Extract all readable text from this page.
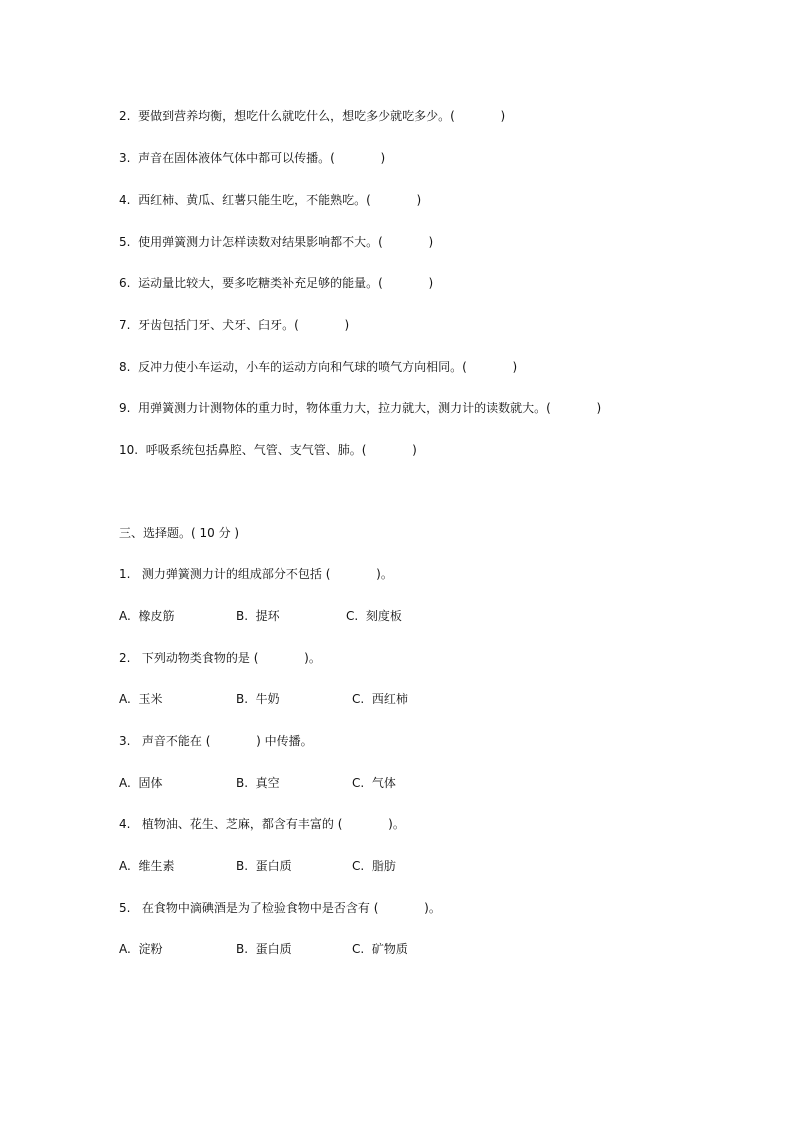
2.  要做到营养均衡，想吃什么就吃什么，想吃多少就吃多少。(            )
3.  声音在固体液体气体中都可以传播。(            )
4.  西红柿、黄瓜、红薯只能生吃，不能熟吃。(            )
5.  使用弹簧测力计怎样读数对结果影响都不大。(            )
6.  运动量比较大，要多吃糖类补充足够的能量。(            )
7.  牙齿包括门牙、犬牙、臼牙。(            )
8.  反冲力使小车运动，小车的运动方向和气球的喷气方向相同。(            )
9.  用弹簧测力计测物体的重力时，物体重力大，拉力就大，测力计的读数就大。(            )
10.  呼吸系统包括鼻腔、气管、支气管、肺。(            )
三、选择题。( 10 分 )
1.   测力弹簧测力计的组成部分不包括 (            )。
A.  橡皮筋	B.  提环	C.  刻度板
2.   下列动物类食物的是 (            )。
A.  玉米	B.  牛奶	C.  西红柿
3.   声音不能在 (            ) 中传播。
A.  固体	B.  真空	C.  气体
4.   植物油、花生、芝麻，都含有丰富的 (            )。
A.  维生素	B.  蛋白质	C.  脂肪
5.   在食物中滴碘酒是为了检验食物中是否含有 (            )。
A.  淀粉	B.  蛋白质	C.  矿物质
